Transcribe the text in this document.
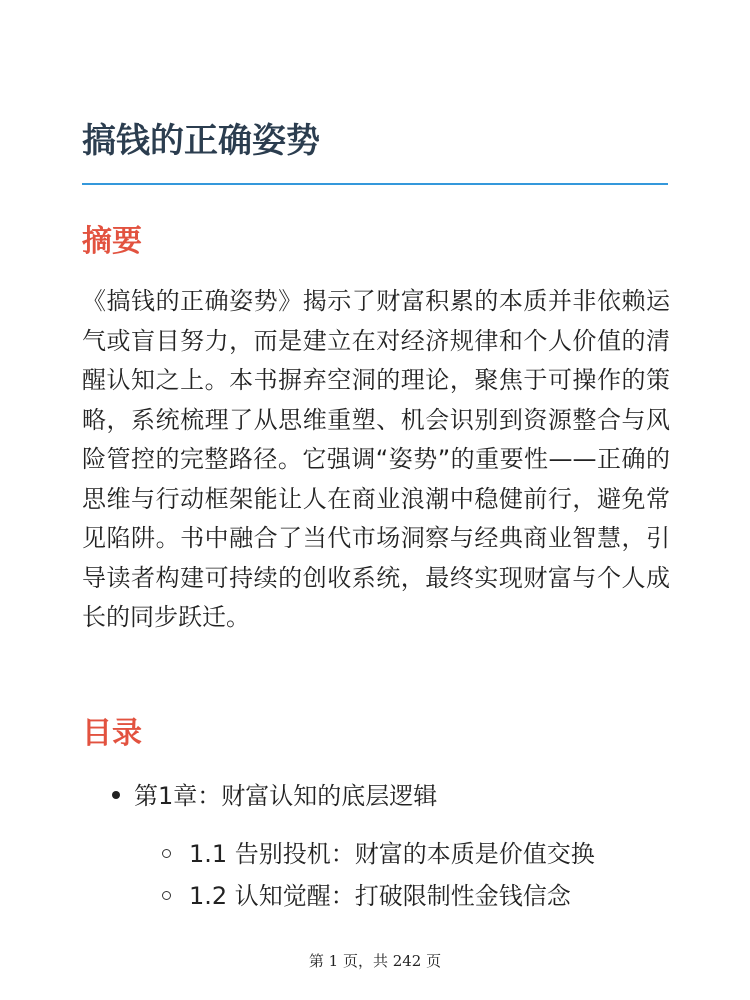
搞钱的正确姿势
摘要

《搞钱的正确姿势》揭示了财富积累的本质并非依赖运气或盲目努力，而是建立在对经济规律和个人价值的清醒认知之上。本书摒弃空洞的理论，聚焦于可操作的策略，系统梳理了从思维重塑、机会识别到资源整合与风险管控的完整路径。它强调“姿势”的重要性——正确的思维与行动框架能让人在商业浪潮中稳健前行，避免常见陷阱。书中融合了当代市场洞察与经典商业智慧，引导读者构建可持续的创收系统，最终实现财富与个人成长的同步跃迁。

目录
第1章：财富认知的底层逻辑
1.1 告别投机：财富的本质是价值交换
1.2 认知觉醒：打破限制性金钱信念
第 1 页，共 242 页
